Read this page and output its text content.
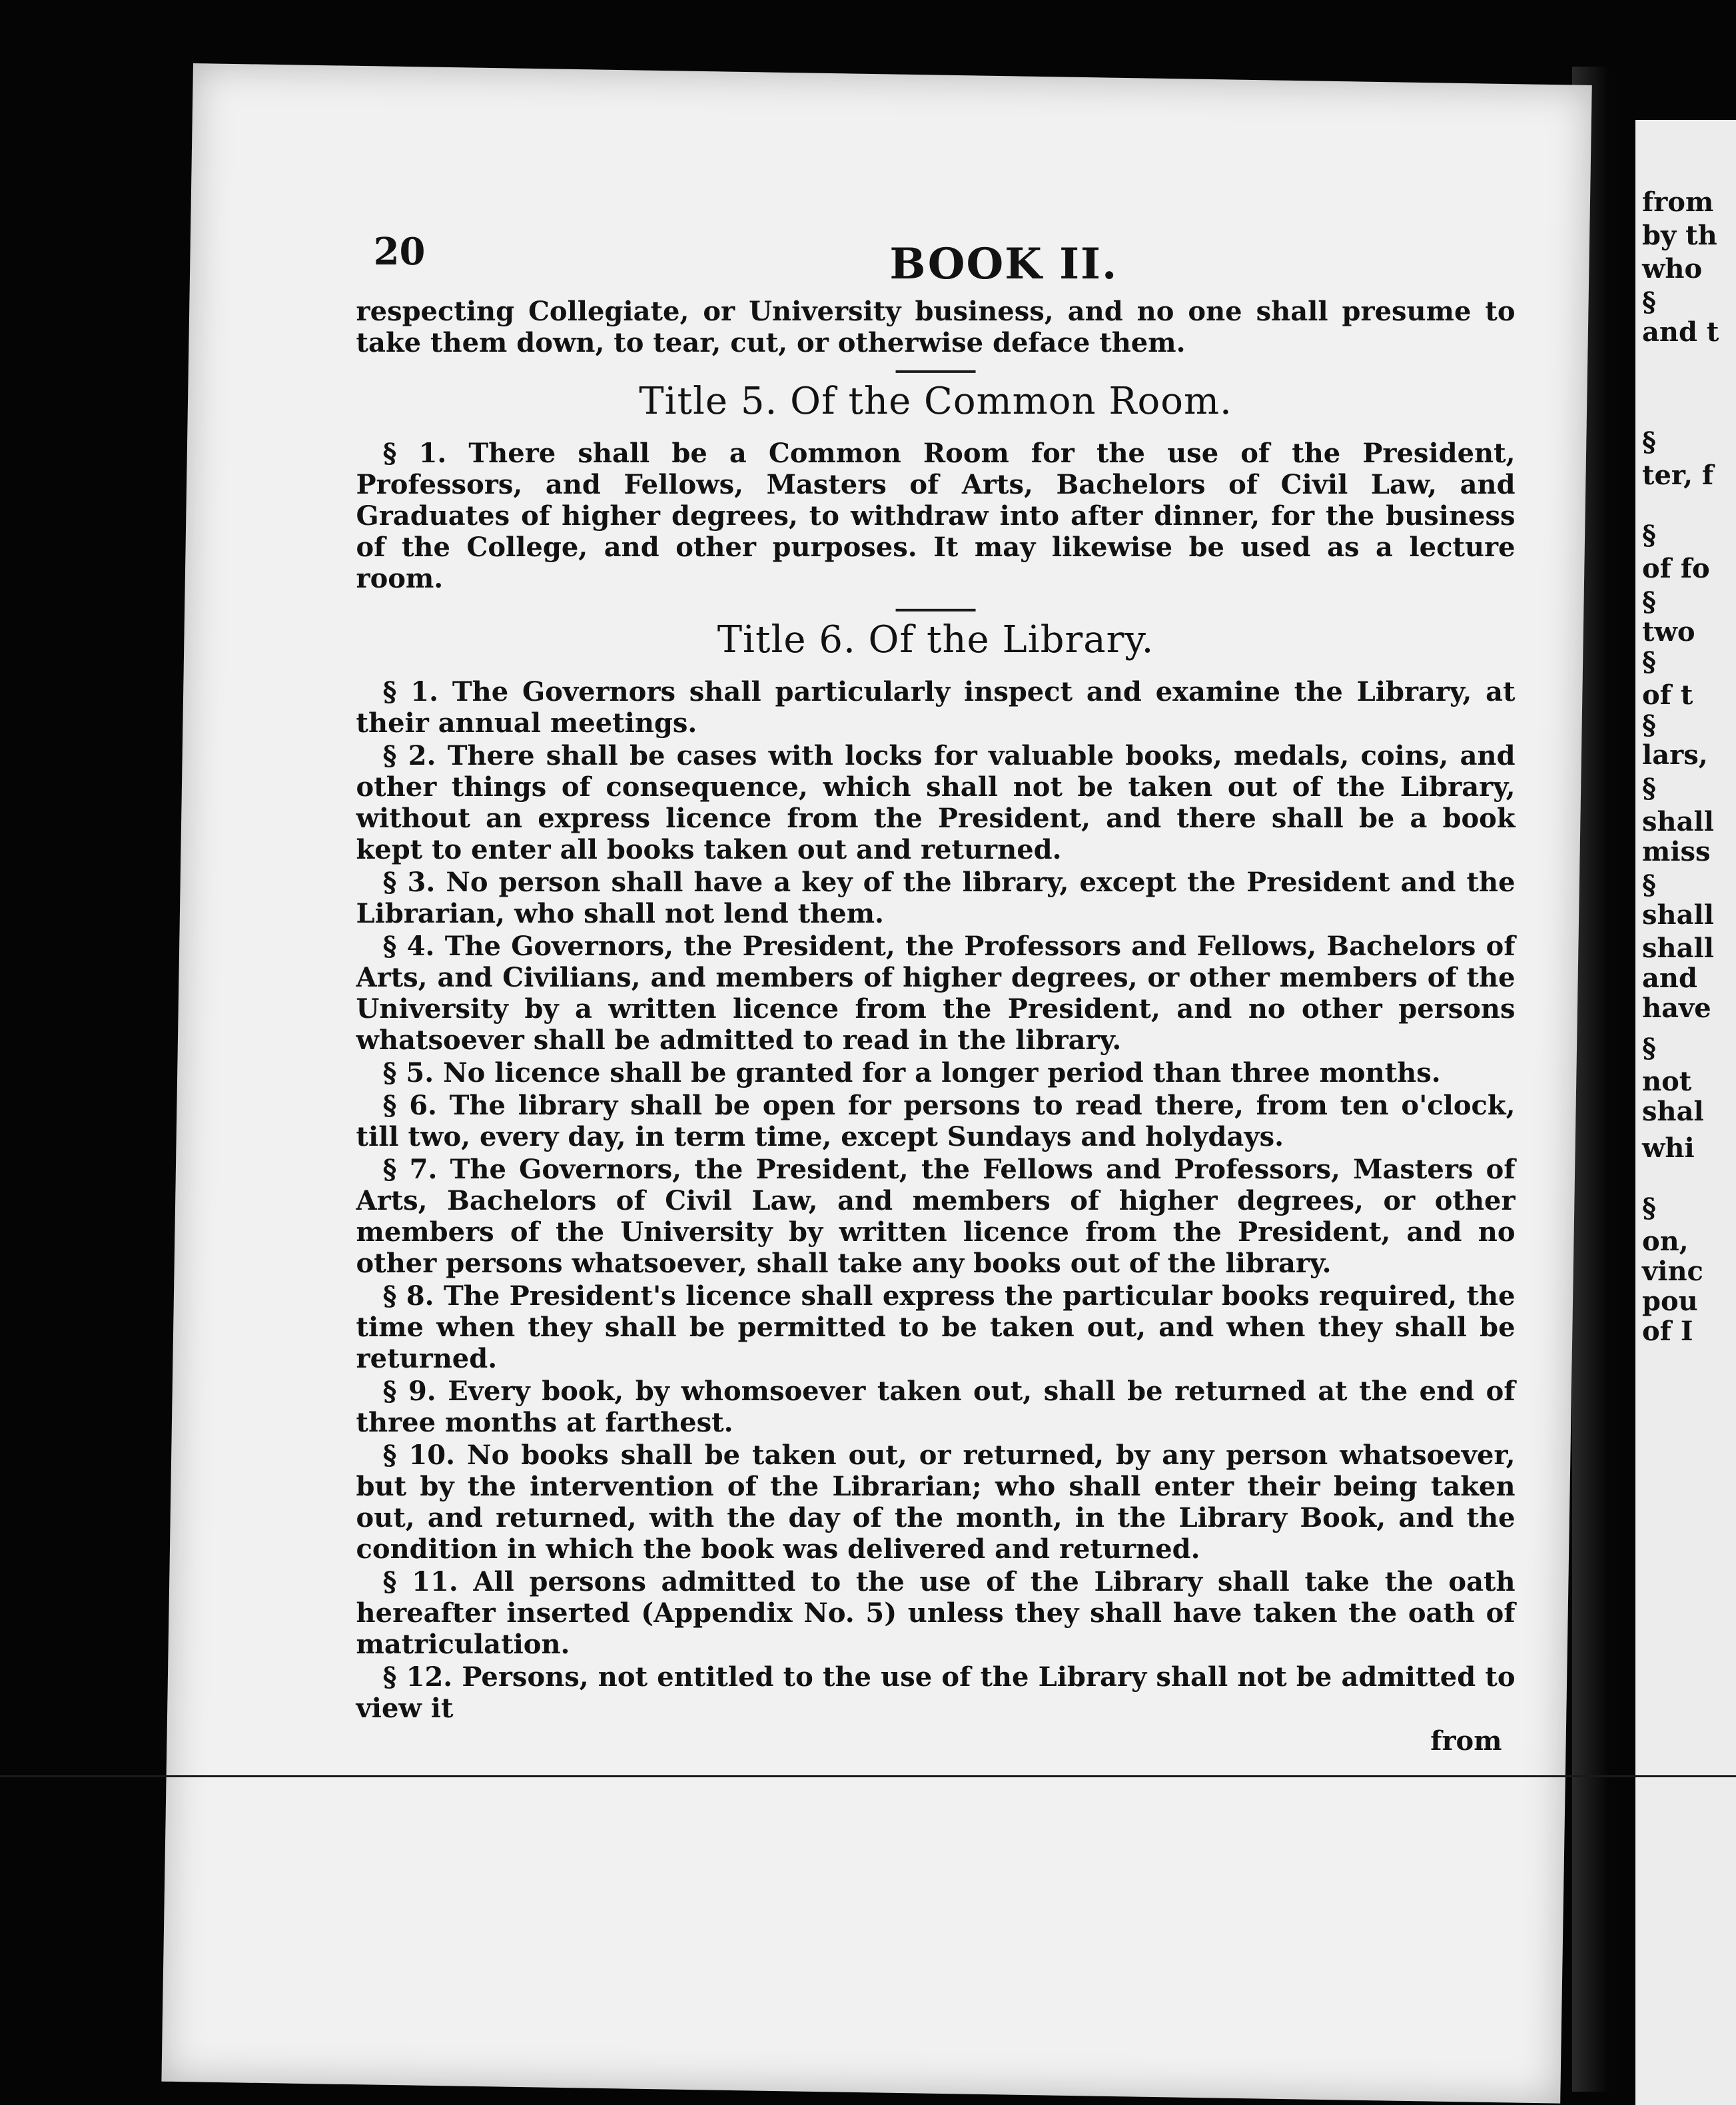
from
by th
who
§
and t
§
ter, f
§
of fo
§
two
§
of t
§
lars,
§
shall
miss
§
shall
shall
and
have
§
not
shal
whi
§
on,
vinc
pou
of I
20	BOOK II.

respecting Collegiate, or University business, and no one shall presume to take them down, to tear, cut, or otherwise deface them.

Title 5. Of the Common Room.

§ 1. There shall be a Common Room for the use of the President, Professors, and Fellows, Masters of Arts, Bachelors of Civil Law, and Graduates of higher degrees, to withdraw into after dinner, for the business of the College, and other purposes. It may likewise be used as a lecture room.

Title 6. Of the Library.

§ 1. The Governors shall particularly inspect and examine the Library, at their annual meetings.

§ 2. There shall be cases with locks for valuable books, medals, coins, and other things of consequence, which shall not be taken out of the Library, without an express licence from the President, and there shall be a book kept to enter all books taken out and returned.

§ 3. No person shall have a key of the library, except the President and the Librarian, who shall not lend them.

§ 4. The Governors, the President, the Professors and Fellows, Bachelors of Arts, and Civilians, and members of higher degrees, or other members of the University by a written licence from the President, and no other persons whatsoever shall be admitted to read in the library.

§ 5. No licence shall be granted for a longer period than three months.

§ 6. The library shall be open for persons to read there, from ten o'clock, till two, every day, in term time, except Sundays and holydays.

§ 7. The Governors, the President, the Fellows and Professors, Masters of Arts, Bachelors of Civil Law, and members of higher degrees, or other members of the University by written licence from the President, and no other persons whatsoever, shall take any books out of the library.

§ 8. The President's licence shall express the particular books required, the time when they shall be permitted to be taken out, and when they shall be returned.

§ 9. Every book, by whomsoever taken out, shall be returned at the end of three months at farthest.

§ 10. No books shall be taken out, or returned, by any person whatsoever, but by the intervention of the Librarian; who shall enter their being taken out, and returned, with the day of the month, in the Library Book, and the condition in which the book was delivered and returned.

§ 11. All persons admitted to the use of the Library shall take the oath hereafter inserted (Appendix No. 5) unless they shall have taken the oath of matriculation.

§ 12. Persons, not entitled to the use of the Library shall not be admitted to view it

from
